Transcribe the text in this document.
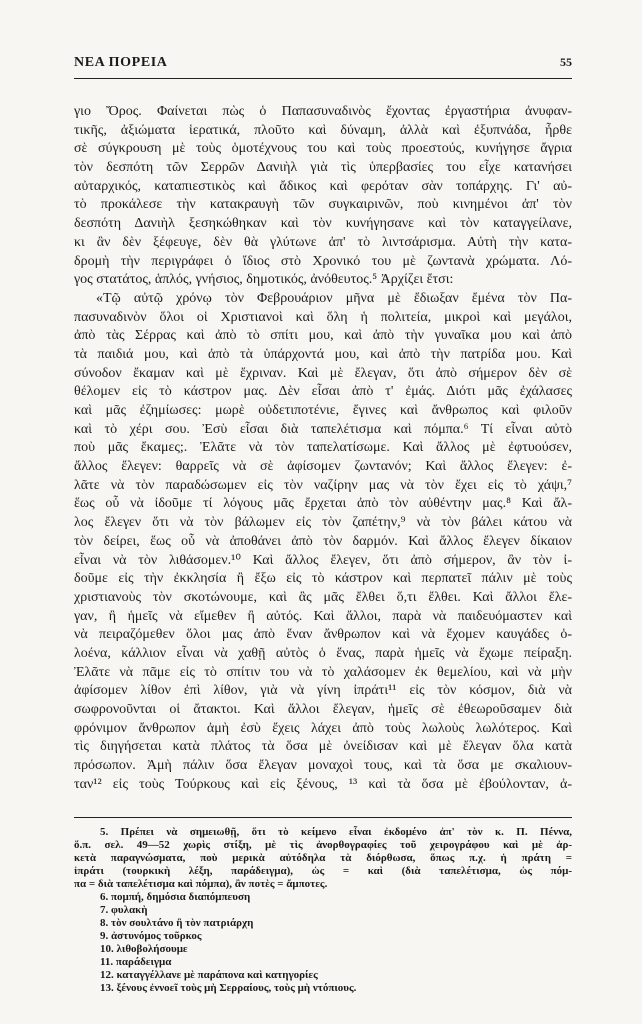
ΝΕΑ ΠΟΡΕΙΑ	55
γιο Ὄρος. Φαίνεται πὼς ὁ Παπασυναδινὸς ἔχοντας ἐργαστήρια ἀνυφαν-
τικῆς, ἀξιώματα ἱερατικά, πλοῦτο καὶ δύναμη, ἀλλὰ καὶ ἐξυπνάδα, ἦρθε
σὲ σύγκρουση μὲ τοὺς ὁμοτέχνους του καὶ τοὺς προεστούς, κυνήγησε ἄγρια
τὸν δεσπότη τῶν Σερρῶν Δανιὴλ γιὰ τὶς ὑπερβασίες του εἶχε κατανήσει
αὐταρχικός, καταπιεστικὸς καὶ ἄδικος καὶ φερόταν σὰν τοπάρχης. Γι' αὐ-
τὸ προκάλεσε τὴν κατακραυγὴ τῶν συγκαιρινῶν, ποὺ κινημένοι ἀπ' τὸν
δεσπότη Δανιὴλ ξεσηκώθηκαν καὶ τὸν κυνήγησανε καὶ τὸν καταγγείλανε,
κι ἂν δὲν ξέφευγε, δὲν θὰ γλύτωνε ἀπ' τὸ λιντσάρισμα. Αὐτὴ τὴν κατα-
δρομὴ τὴν περιγράφει ὁ ἴδιος στὸ Χρονικό του μὲ ζωντανὰ χρώματα. Λό-
γος στατάτος, ἁπλός, γνήσιος, δημοτικός, ἀνόθευτος.⁵ Ἀρχίζει ἔτσι:
«Τῷ αὐτῷ χρόνῳ τὸν Φεβρουάριον μῆνα μὲ ἔδιωξαν ἔμένα τὸν Πα-
πασυναδινὸν ὅλοι οἱ Χριστιανοὶ καὶ ὅλη ἡ πολιτεία, μικροὶ καὶ μεγάλοι,
ἀπὸ τὰς Σέρρας καὶ ἀπὸ τὸ σπίτι μου, καὶ ἀπὸ τὴν γυναῖκα μου καὶ ἀπὸ
τὰ παιδιά μου, καὶ ἀπὸ τὰ ὑπάρχοντά μου, καὶ ἀπὸ τὴν πατρίδα μου. Καὶ
σύνοδον ἔκαμαν καὶ μὲ ἔχριναν. Καὶ μὲ ἔλεγαν, ὅτι ἀπὸ σήμερον δὲν σὲ
θέλομεν εἰς τὸ κάστρον μας. Δὲν εἶσαι ἀπὸ τ' ἐμάς. Διότι μᾶς ἐχάλασες
καὶ μᾶς ἐζημίωσες: μωρὲ οὐδετιποτένιε, ἔγινες καὶ ἄνθρωπος καὶ φιλοῦν
καὶ τὸ χέρι σου. Ἐσὺ εἶσαι διὰ ταπελέτισμα καὶ πόμπα.⁶ Τί εἶναι αὐτὸ
ποὺ μᾶς ἔκαμες;. Ἐλᾶτε νὰ τὸν ταπελατίσωμε. Καὶ ἄλλος μὲ ἐφτυούσεν,
ἄλλος ἔλεγεν: θαρρεῖς νὰ σὲ ἀφίσομεν ζωντανόν; Καὶ ἄλλος ἔλεγεν: ἐ-
λᾶτε νὰ τὸν παραδώσωμεν εἰς τὸν ναζίρην μας νὰ τὸν ἔχει εἰς τὸ χάψι,⁷
ἕως οὗ νὰ ἰδοῦμε τί λόγους μᾶς ἔρχεται ἀπὸ τὸν αὐθέντην μας.⁸ Καὶ ἄλ-
λος ἔλεγεν ὅτι νὰ τὸν βάλωμεν εἰς τὸν ζαπέτην,⁹ νὰ τὸν βάλει κάτου νὰ
τὸν δείρει, ἕως οὗ νὰ ἀποθάνει ἀπὸ τὸν δαρμόν. Καὶ ἄλλος ἔλεγεν δίκαιον
εἶναι νὰ τὸν λιθάσομεν.¹⁰ Καὶ ἄλλος ἔλεγεν, ὅτι ἀπὸ σήμερον, ἂν τὸν ἰ-
δοῦμε εἰς τὴν ἐκκλησία ἢ ἔξω εἰς τὸ κάστρον καὶ περπατεῖ πάλιν μὲ τοὺς
χριστιανοὺς τὸν σκοτώνουμε, καὶ ἂς μᾶς ἔλθει ὅ,τι ἔλθει. Καὶ ἄλλοι ἔλε-
γαν, ἢ ἡμεῖς νὰ εἴμεθεν ἢ αὐτός. Καὶ ἄλλοι, παρὰ νὰ παιδευόμαστεν καὶ
νὰ πειραζόμεθεν ὅλοι μας ἀπὸ ἕναν ἄνθρωπον καὶ νὰ ἔχομεν καυγάδες ὁ-
λοένα, κάλλιον εἶναι νὰ χαθῇ αὐτὸς ὁ ἕνας, παρὰ ἡμεῖς νὰ ἔχωμε πείραξη.
Ἐλᾶτε νὰ πᾶμε εἰς τὸ σπίτιν του νὰ τὸ χαλάσομεν ἐκ θεμελίου, καὶ νὰ μὴν
ἀφίσομεν λίθον ἐπὶ λίθον, γιὰ νὰ γίνη ἰπράτι¹¹ εἰς τὸν κόσμον, διὰ νὰ
σωφρονοῦνται οἱ ἄτακτοι. Καὶ ἄλλοι ἔλεγαν, ἡμεῖς σὲ ἐθεωροῦσαμεν διὰ
φρόνιμον ἄνθρωπον ἀμὴ ἐσὺ ἔχεις λάχει ἀπὸ τοὺς λωλοὺς λωλότερος. Καὶ
τὶς διηγήσεται κατὰ πλάτος τὰ ὅσα μὲ ὀνείδισαν καὶ μὲ ἔλεγαν ὅλα κατὰ
πρόσωπον. Ἀμὴ πάλιν ὅσα ἔλεγαν μοναχοὶ τους, καὶ τὰ ὅσα με σκαλιουν-
ταν¹² εἰς τοὺς Τούρκους καὶ εἰς ξένους, ¹³ καὶ τὰ ὅσα μὲ ἐβούλονταν, ἀ-
5. Πρέπει νὰ σημειωθῇ, ὅτι τὸ κείμενο εἶναι ἐκδομένο ἀπ' τὸν κ. Π. Πέννα,
ὅ.π. σελ. 49—52 χωρὶς στίξη, μὲ τὶς ἀνορθογραφίες τοῦ χειρογράφου καὶ μὲ ἀρ-
κετὰ παραγνώσματα, ποὺ μερικὰ αὐτόδηλα τὰ διόρθωσα, ὅπως π.χ. ἡ πράτη =
ἰπράτι (τουρκικὴ λέξη, παράδειγμα), ὡς = καὶ (διὰ ταπελέτισμα, ὡς πόμ-
πα = διὰ ταπελέτισμα καὶ πόμπα), ἂν ποτὲς = ἄμποτες.
6. πομπή, δημόσια διαπόμπευση
7. φυλακὴ
8. τὸν σουλτάνο ἢ τὸν πατριάρχη
9. ἀστυνόμος τοῦρκος
10. λιθοβολήσουμε
11. παράδειγμα
12. καταγγέλλανε μὲ παράπονα καὶ κατηγορίες
13. ξένους ἐννοεῖ τοὺς μὴ Σερραίους, τοὺς μὴ ντόπιους.
